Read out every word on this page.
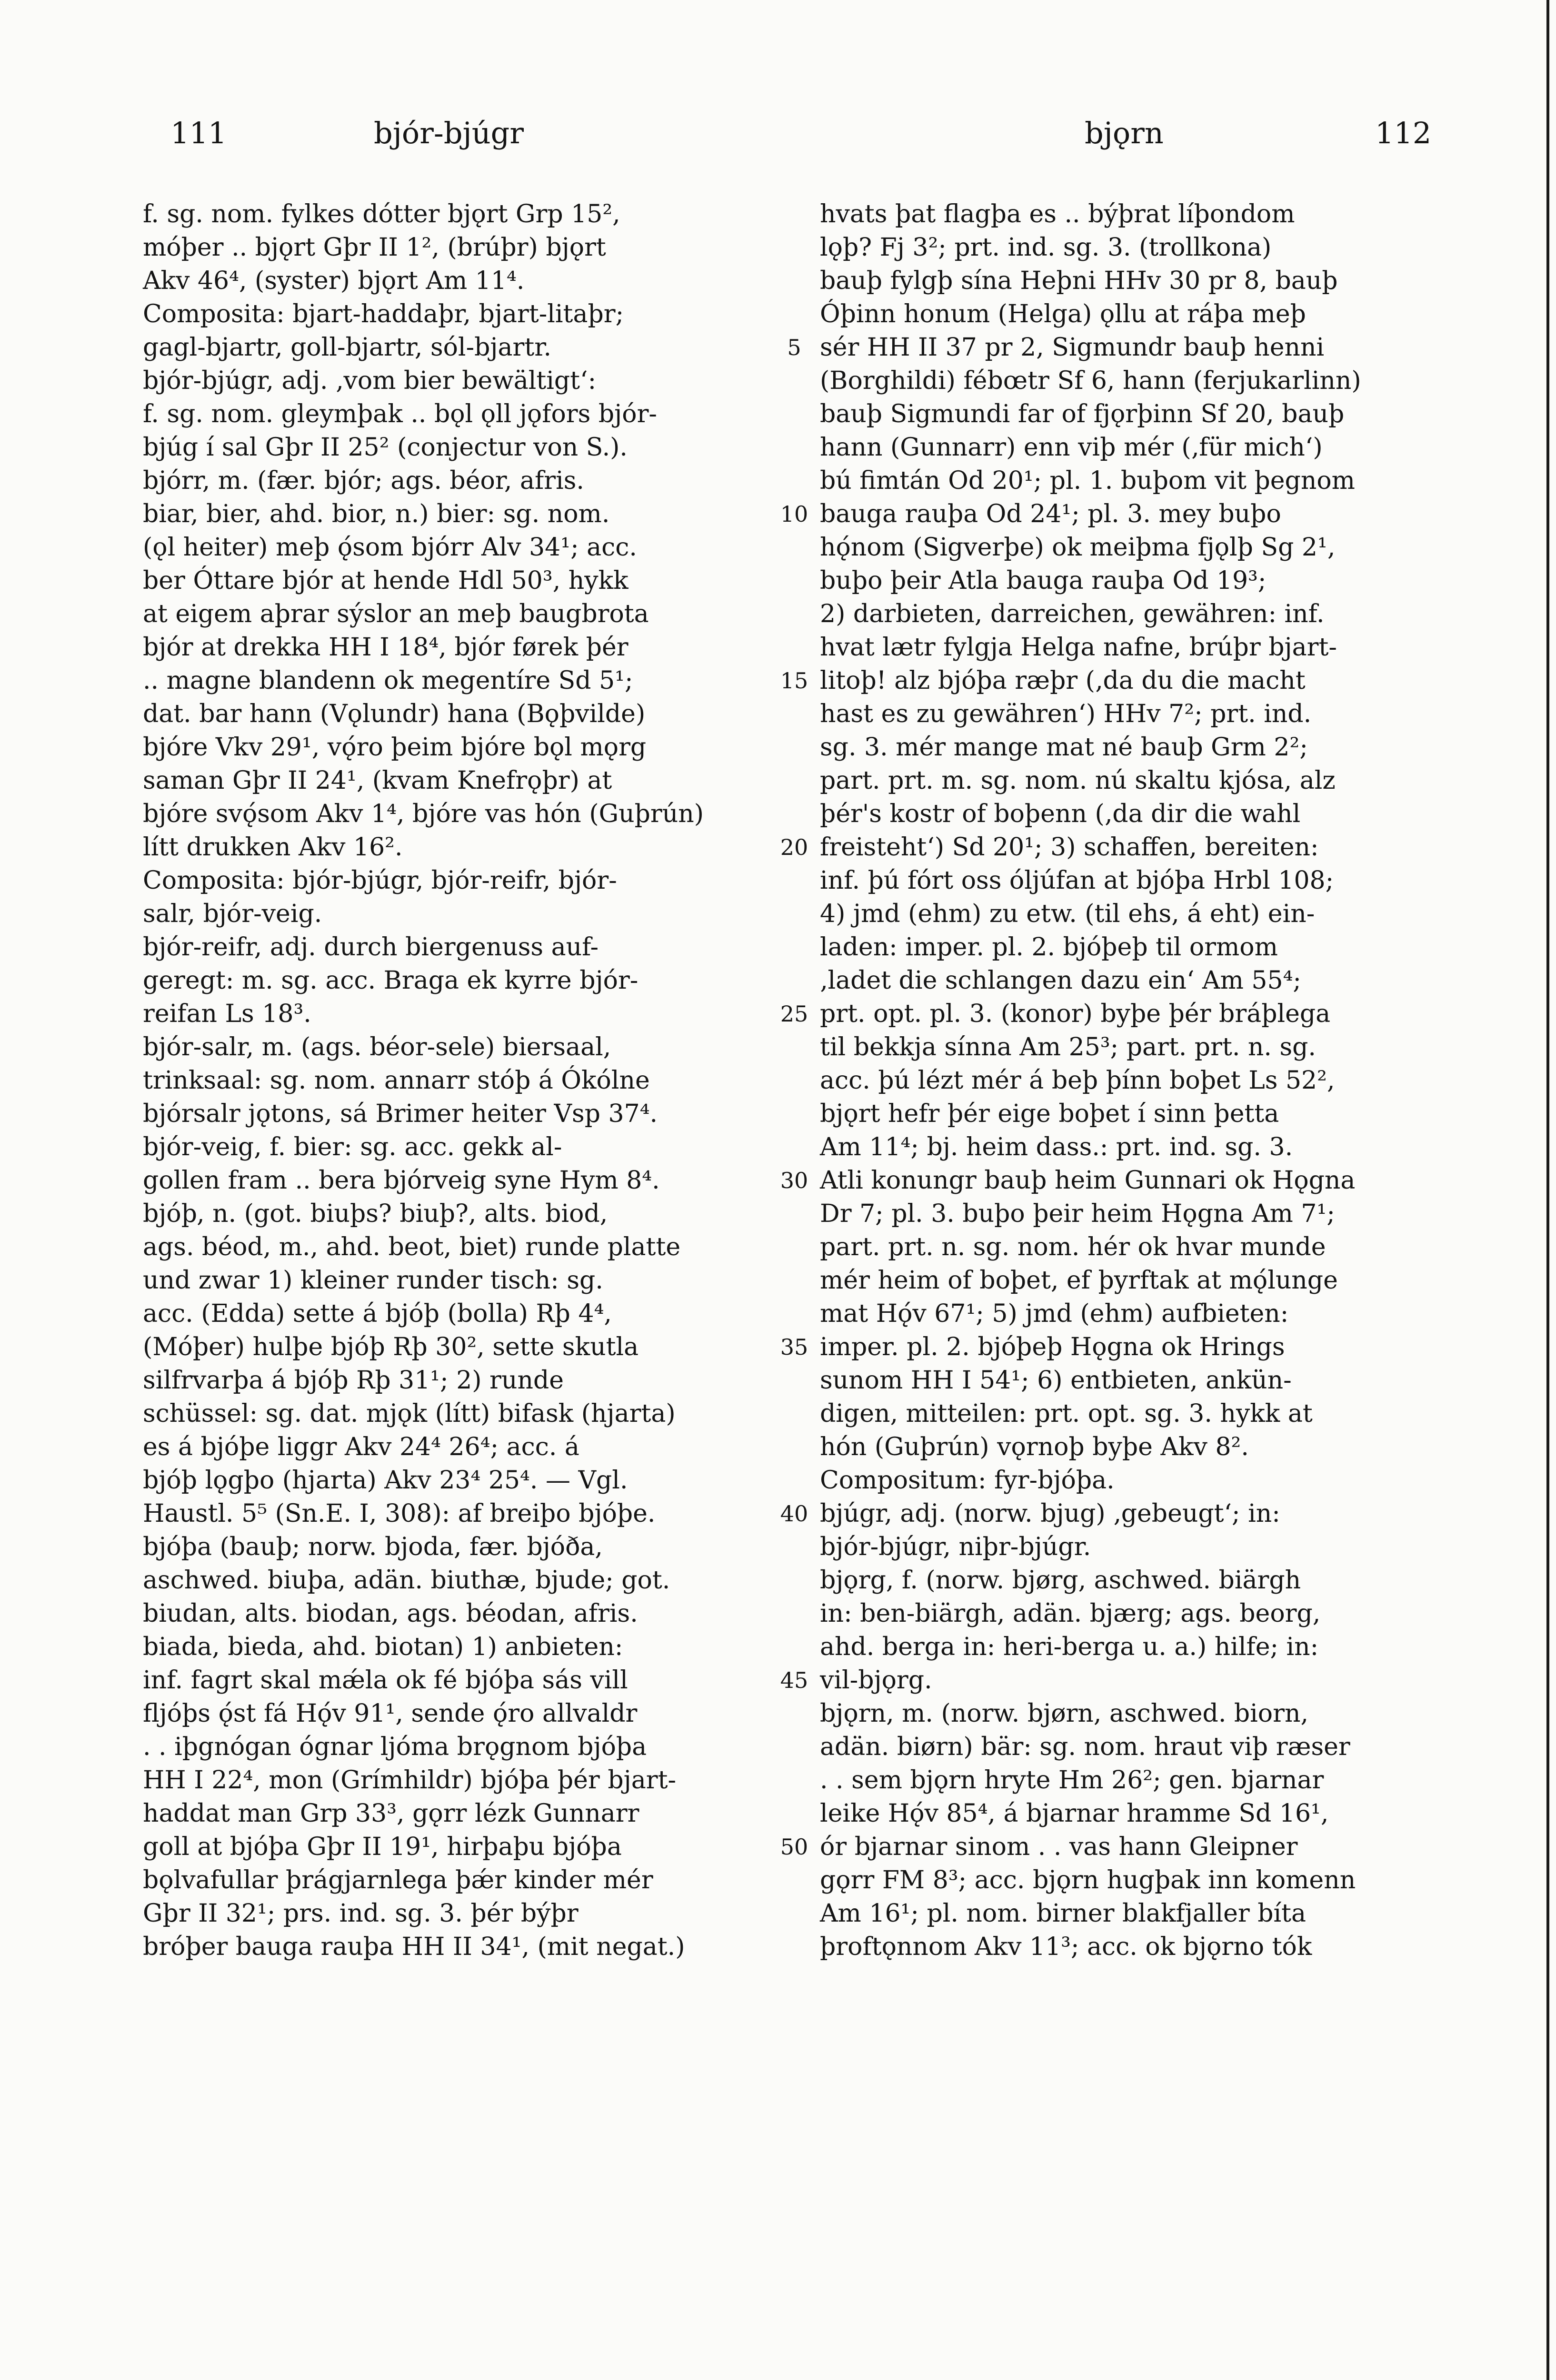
111	bjór-bjúgr	bjǫrn	112
f. sg. nom. fylkes dótter bjǫrt Grp 15²,
móþer .. bjǫrt Gþr II 1², (brúþr) bjǫrt
Akv 46⁴, (syster) bjǫrt Am 11⁴.
Composita: bjart-haddaþr, bjart-litaþr;
gagl-bjartr, goll-bjartr, sól-bjartr.
bjór-bjúgr, adj. ‚vom bier bewältigt‘:
f. sg. nom. gleymþak .. bǫl ǫll jǫfors bjór-
bjúg í sal Gþr II 25² (conjectur von S.).
bjórr, m. (fær. bjór; ags. béor, afris.
biar, bier, ahd. bior, n.) bier: sg. nom.
(ǫl heiter) meþ ǫ́som bjórr Alv 34¹; acc.
ber Óttare bjór at hende Hdl 50³, hykk
at eigem aþrar sýslor an meþ baugbrota
bjór at drekka HH I 18⁴, bjór førek þér
.. magne blandenn ok megentíre Sd 5¹;
dat. bar hann (Vǫlundr) hana (Bǫþvilde)
bjóre Vkv 29¹, vǫ́ro þeim bjóre bǫl mǫrg
saman Gþr II 24¹, (kvam Knefrǫþr) at
bjóre svǫ́som Akv 1⁴, bjóre vas hón (Guþrún)
lítt drukken Akv 16².
Composita: bjór-bjúgr, bjór-reifr, bjór-
salr, bjór-veig.
bjór-reifr, adj. durch biergenuss auf-
geregt: m. sg. acc. Braga ek kyrre bjór-
reifan Ls 18³.
bjór-salr, m. (ags. béor-sele) biersaal,
trinksaal: sg. nom. annarr stóþ á Ókólne
bjórsalr jǫtons, sá Brimer heiter Vsp 37⁴.
bjór-veig, f. bier: sg. acc. gekk al-
gollen fram .. bera bjórveig syne Hym 8⁴.
bjóþ, n. (got. biuþs? biuþ?, alts. biod,
ags. béod, m., ahd. beot, biet) runde platte
und zwar 1) kleiner runder tisch: sg.
acc. (Edda) sette á bjóþ (bolla) Rþ 4⁴,
(Móþer) hulþe bjóþ Rþ 30², sette skutla
silfrvarþa á bjóþ Rþ 31¹; 2) runde
schüssel: sg. dat. mjǫk (lítt) bifask (hjarta)
es á bjóþe liggr Akv 24⁴ 26⁴; acc. á
bjóþ lǫgþo (hjarta) Akv 23⁴ 25⁴. — Vgl.
Haustl. 5⁵ (Sn.E. I, 308): af breiþo bjóþe.
bjóþa (bauþ; norw. bjoda, fær. bjóða,
aschwed. biuþa, adän. biuthæ, bjude; got.
biudan, alts. biodan, ags. béodan, afris.
biada, bieda, ahd. biotan) 1) anbieten:
inf. fagrt skal mǽla ok fé bjóþa sás vill
fljóþs ǫ́st fá Hǫ́v 91¹, sende ǫ́ro allvaldr
. . iþgnógan ógnar ljóma brǫgnom bjóþa
HH I 22⁴, mon (Grímhildr) bjóþa þér bjart-
haddat man Grp 33³, gǫrr lézk Gunnarr
goll at bjóþa Gþr II 19¹, hirþaþu bjóþa
bǫlvafullar þrágjarnlega þǽr kinder mér
Gþr II 32¹; prs. ind. sg. 3. þér býþr
bróþer bauga rauþa HH II 34¹, (mit negat.)
hvats þat flagþa es .. býþrat líþondom
lǫþ? Fj 3²; prt. ind. sg. 3. (trollkona)
bauþ fylgþ sína Heþni HHv 30 pr 8, bauþ
Óþinn honum (Helga) ǫllu at ráþa meþ
sér HH II 37 pr 2, Sigmundr bauþ henni
(Borghildi) fébœtr Sf 6, hann (ferjukarlinn)
bauþ Sigmundi far of fjǫrþinn Sf 20, bauþ
hann (Gunnarr) enn viþ mér (‚für mich‘)
bú fimtán Od 20¹; pl. 1. buþom vit þegnom
bauga rauþa Od 24¹; pl. 3. mey buþo
hǫ́nom (Sigverþe) ok meiþma fjǫlþ Sg 2¹,
buþo þeir Atla bauga rauþa Od 19³;
2) darbieten, darreichen, gewähren: inf.
hvat lætr fylgja Helga nafne, brúþr bjart-
litoþ! alz bjóþa ræþr (‚da du die macht
hast es zu gewähren‘) HHv 7²; prt. ind.
sg. 3. mér mange mat né bauþ Grm 2²;
part. prt. m. sg. nom. nú skaltu kjósa, alz
þér's kostr of boþenn (‚da dir die wahl
freisteht‘) Sd 20¹; 3) schaffen, bereiten:
inf. þú fórt oss óljúfan at bjóþa Hrbl 108;
4) jmd (ehm) zu etw. (til ehs, á eht) ein-
laden: imper. pl. 2. bjóþeþ til ormom
‚ladet die schlangen dazu ein‘ Am 55⁴;
prt. opt. pl. 3. (konor) byþe þér bráþlega
til bekkja sínna Am 25³; part. prt. n. sg.
acc. þú lézt mér á beþ þínn boþet Ls 52²,
bjǫrt hefr þér eige boþet í sinn þetta
Am 11⁴; bj. heim dass.: prt. ind. sg. 3.
Atli konungr bauþ heim Gunnari ok Hǫgna
Dr 7; pl. 3. buþo þeir heim Hǫgna Am 7¹;
part. prt. n. sg. nom. hér ok hvar munde
mér heim of boþet, ef þyrftak at mǫ́lunge
mat Hǫ́v 67¹; 5) jmd (ehm) aufbieten:
imper. pl. 2. bjóþeþ Hǫgna ok Hrings
sunom HH I 54¹; 6) entbieten, ankün-
digen, mitteilen: prt. opt. sg. 3. hykk at
hón (Guþrún) vǫrnoþ byþe Akv 8².
Compositum: fyr-bjóþa.
bjúgr, adj. (norw. bjug) ‚gebeugt‘; in:
bjór-bjúgr, niþr-bjúgr.
bjǫrg, f. (norw. bjørg, aschwed. biärgh
in: ben-biärgh, adän. bjærg; ags. beorg,
ahd. berga in: heri-berga u. a.) hilfe; in:
vil-bjǫrg.
bjǫrn, m. (norw. bjørn, aschwed. biorn,
adän. biørn) bär: sg. nom. hraut viþ ræser
. . sem bjǫrn hryte Hm 26²; gen. bjarnar
leike Hǫ́v 85⁴, á bjarnar hramme Sd 16¹,
ór bjarnar sinom . . vas hann Gleipner
gǫrr FM 8³; acc. bjǫrn hugþak inn komenn
Am 16¹; pl. nom. birner blakfjaller bíta
þroftǫnnom Akv 11³; acc. ok bjǫrno tók
5
10
15
20
25
30
35
40
45
50
